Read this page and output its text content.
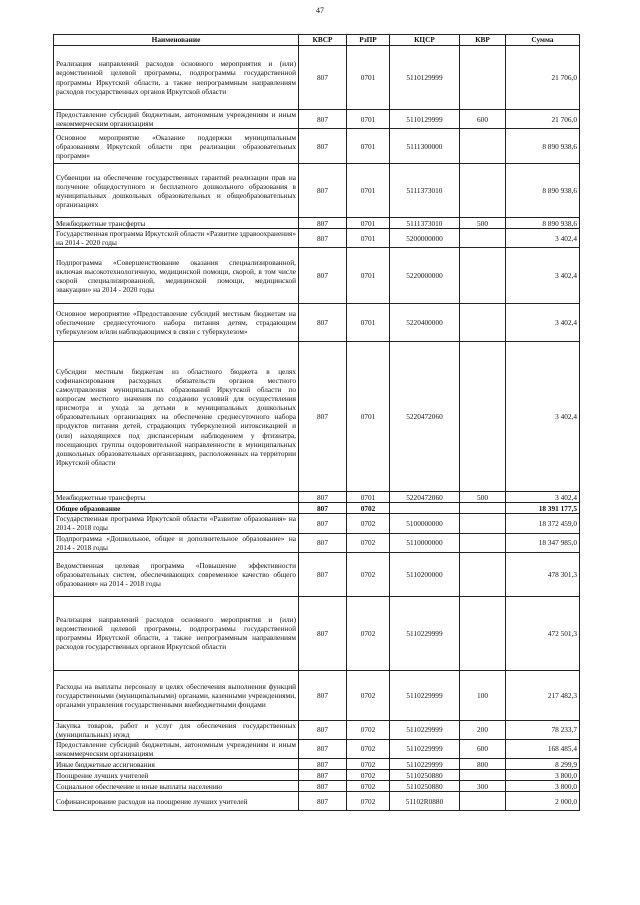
47
Наименование	КВСР	РзПР	КЦСР	КВР	Сумма
Реализация направлений расходов основного мероприятия и (или) ведомственной целевой программы, подпрограммы государственной программы Иркутской области, а также непрограммным направлениям расходов государственных органов Иркутской области	807	0701	5110129999		21 706,0
Предоставление субсидий бюджетным, автономным учреждениям и иным некоммерческим организациям	807	0701	5110129999	600	21 706,0
Основное мероприятие «Оказание поддержки муниципальным образованиям Иркутской области при реализации образовательных программ»	807	0701	5111300000		8 890 938,6
Субвенции на обеспечение государственных гарантий реализации прав на получение общедоступного и бесплатного дошкольного образования в муниципальных дошкольных образовательных и общеобразовательных организациях	807	0701	5111373010		8 890 938,6
Межбюджетные трансферты	807	0701	5111373010	500	8 890 938,6
Государственная программа Иркутской области «Развитие здравоохранения» на 2014 - 2020 годы	807	0701	5200000000		3 402,4
Подпрограмма «Совершенствование оказания специализированной, включая высокотехнологичную, медицинской помощи, скорой, в том числе скорой специализированной, медицинской помощи, медицинской эвакуации» на 2014 - 2020 годы	807	0701	5220000000		3 402,4
Основное мероприятие «Предоставление субсидий местным бюджетам на обеспечение среднесуточного набора питания детям, страдающим туберкулезом и/или наблюдающимся в связи с туберкулезом»	807	0701	5220400000		3 402,4
Субсидии местным бюджетам из областного бюджета в целях софинансирования расходных обязательств органов местного самоуправления муниципальных образований Иркутской области по вопросам местного значения по созданию условий для осуществления присмотра и ухода за детьми в муниципальных дошкольных образовательных организациях на обеспечение среднесуточного набора продуктов питания детей, страдающих туберкулезной интоксикацией и (или) находящихся под диспансерным наблюдением у фтизиатра, посещающих группы оздоровительной направленности в муниципальных дошкольных образовательных организациях, расположенных на территории Иркутской области	807	0701	5220472060		3 402,4
Межбюджетные трансферты	807	0701	5220472060	500	3 402,4
Общее образование	807	0702			18 391 177,5
Государственная программа Иркутской области «Развитие образования» на 2014 - 2018 годы	807	0702	5100000000		18 372 459,0
Подпрограмма «Дошкольное, общее и дополнительное образование» на 2014 - 2018 годы	807	0702	5110000000		18 347 985,0
Ведомственная целевая программа «Повышение эффективности образовательных систем, обеспечивающих современное качество общего образования» на 2014 - 2018 годы	807	0702	5110200000		478 301,3
Реализация направлений расходов основного мероприятия и (или) ведомственной целевой программы, подпрограммы государственной программы Иркутской области, а также непрограммным направлениям расходов государственных органов Иркутской области	807	0702	5110229999		472 501,3
Расходы на выплаты персоналу в целях обеспечения выполнения функций государственными (муниципальными) органами, казенными учреждениями, органами управления государственными внебюджетными фондами	807	0702	5110229999	100	217 482,3
Закупка товаров, работ и услуг для обеспечения государственных (муниципальных) нужд	807	0702	5110229999	200	78 233,7
Предоставление субсидий бюджетным, автономным учреждениям и иным некоммерческим организациям	807	0702	5110229999	600	168 485,4
Иные бюджетные ассигнования	807	0702	5110229999	800	8 299,9
Поощрение лучших учителей	807	0702	5110250880		3 800,0
Социальное обеспечение и иные выплаты населению	807	0702	5110250880	300	3 800,0
Софинансирование расходов на поощрение лучших учителей	807	0702	51102R0880		2 000,0
